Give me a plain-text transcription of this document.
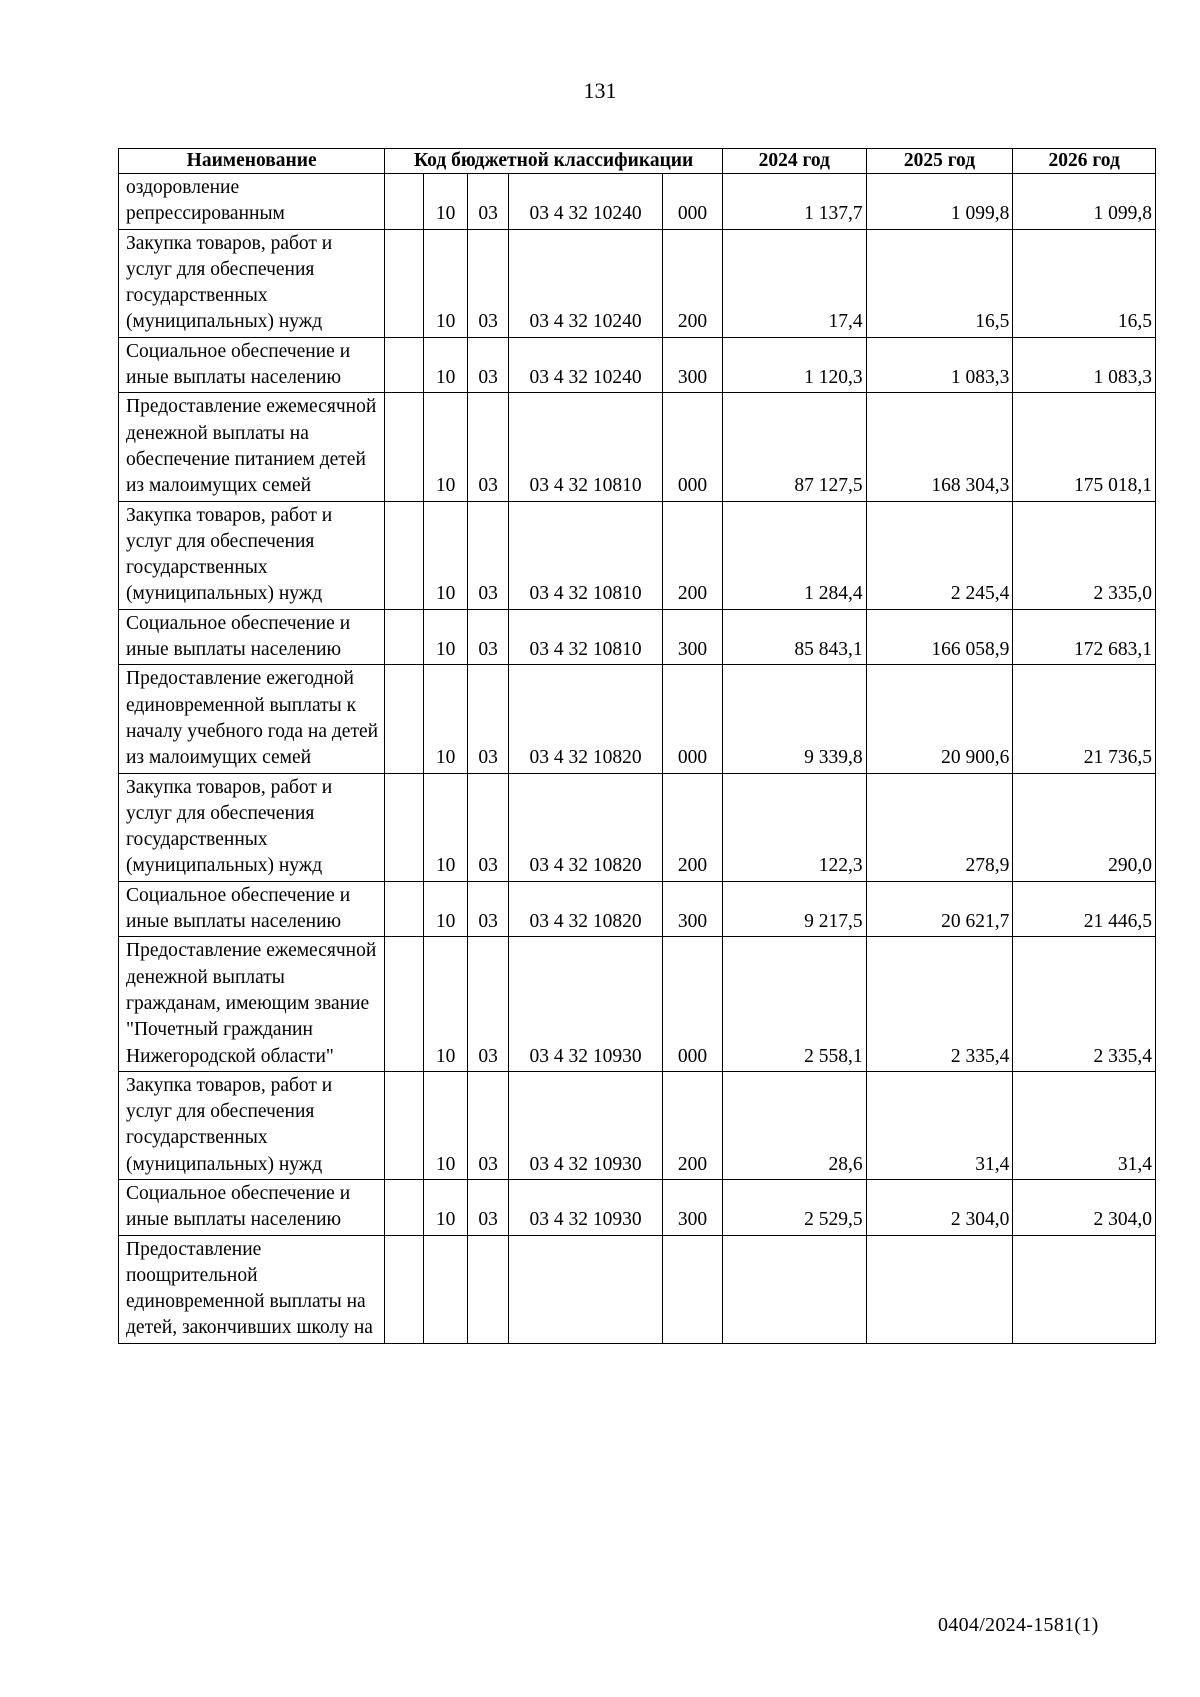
131
Наименование	Код бюджетной классификации					2024 год	2025 год	2026 год
оздоровление репрессированным		10	03	03 4 32 10240	000	1 137,7	1 099,8	1 099,8
Закупка товаров, работ и услуг для обеспечения государственных (муниципальных) нужд		10	03	03 4 32 10240	200	17,4	16,5	16,5
Социальное обеспечение и иные выплаты населению		10	03	03 4 32 10240	300	1 120,3	1 083,3	1 083,3
Предоставление ежемесячной денежной выплаты на обеспечение питанием детей из малоимущих семей		10	03	03 4 32 10810	000	87 127,5	168 304,3	175 018,1
Закупка товаров, работ и услуг для обеспечения государственных (муниципальных) нужд		10	03	03 4 32 10810	200	1 284,4	2 245,4	2 335,0
Социальное обеспечение и иные выплаты населению		10	03	03 4 32 10810	300	85 843,1	166 058,9	172 683,1
Предоставление ежегодной единовременной выплаты к началу учебного года на детей из малоимущих семей		10	03	03 4 32 10820	000	9 339,8	20 900,6	21 736,5
Закупка товаров, работ и услуг для обеспечения государственных (муниципальных) нужд		10	03	03 4 32 10820	200	122,3	278,9	290,0
Социальное обеспечение и иные выплаты населению		10	03	03 4 32 10820	300	9 217,5	20 621,7	21 446,5
Предоставление ежемесячной денежной выплаты гражданам, имеющим звание "Почетный гражданин Нижегородской области"		10	03	03 4 32 10930	000	2 558,1	2 335,4	2 335,4
Закупка товаров, работ и услуг для обеспечения государственных (муниципальных) нужд		10	03	03 4 32 10930	200	28,6	31,4	31,4
Социальное обеспечение и иные выплаты населению		10	03	03 4 32 10930	300	2 529,5	2 304,0	2 304,0
Предоставление поощрительной единовременной выплаты на детей, закончивших школу на								
0404/2024-1581(1)
